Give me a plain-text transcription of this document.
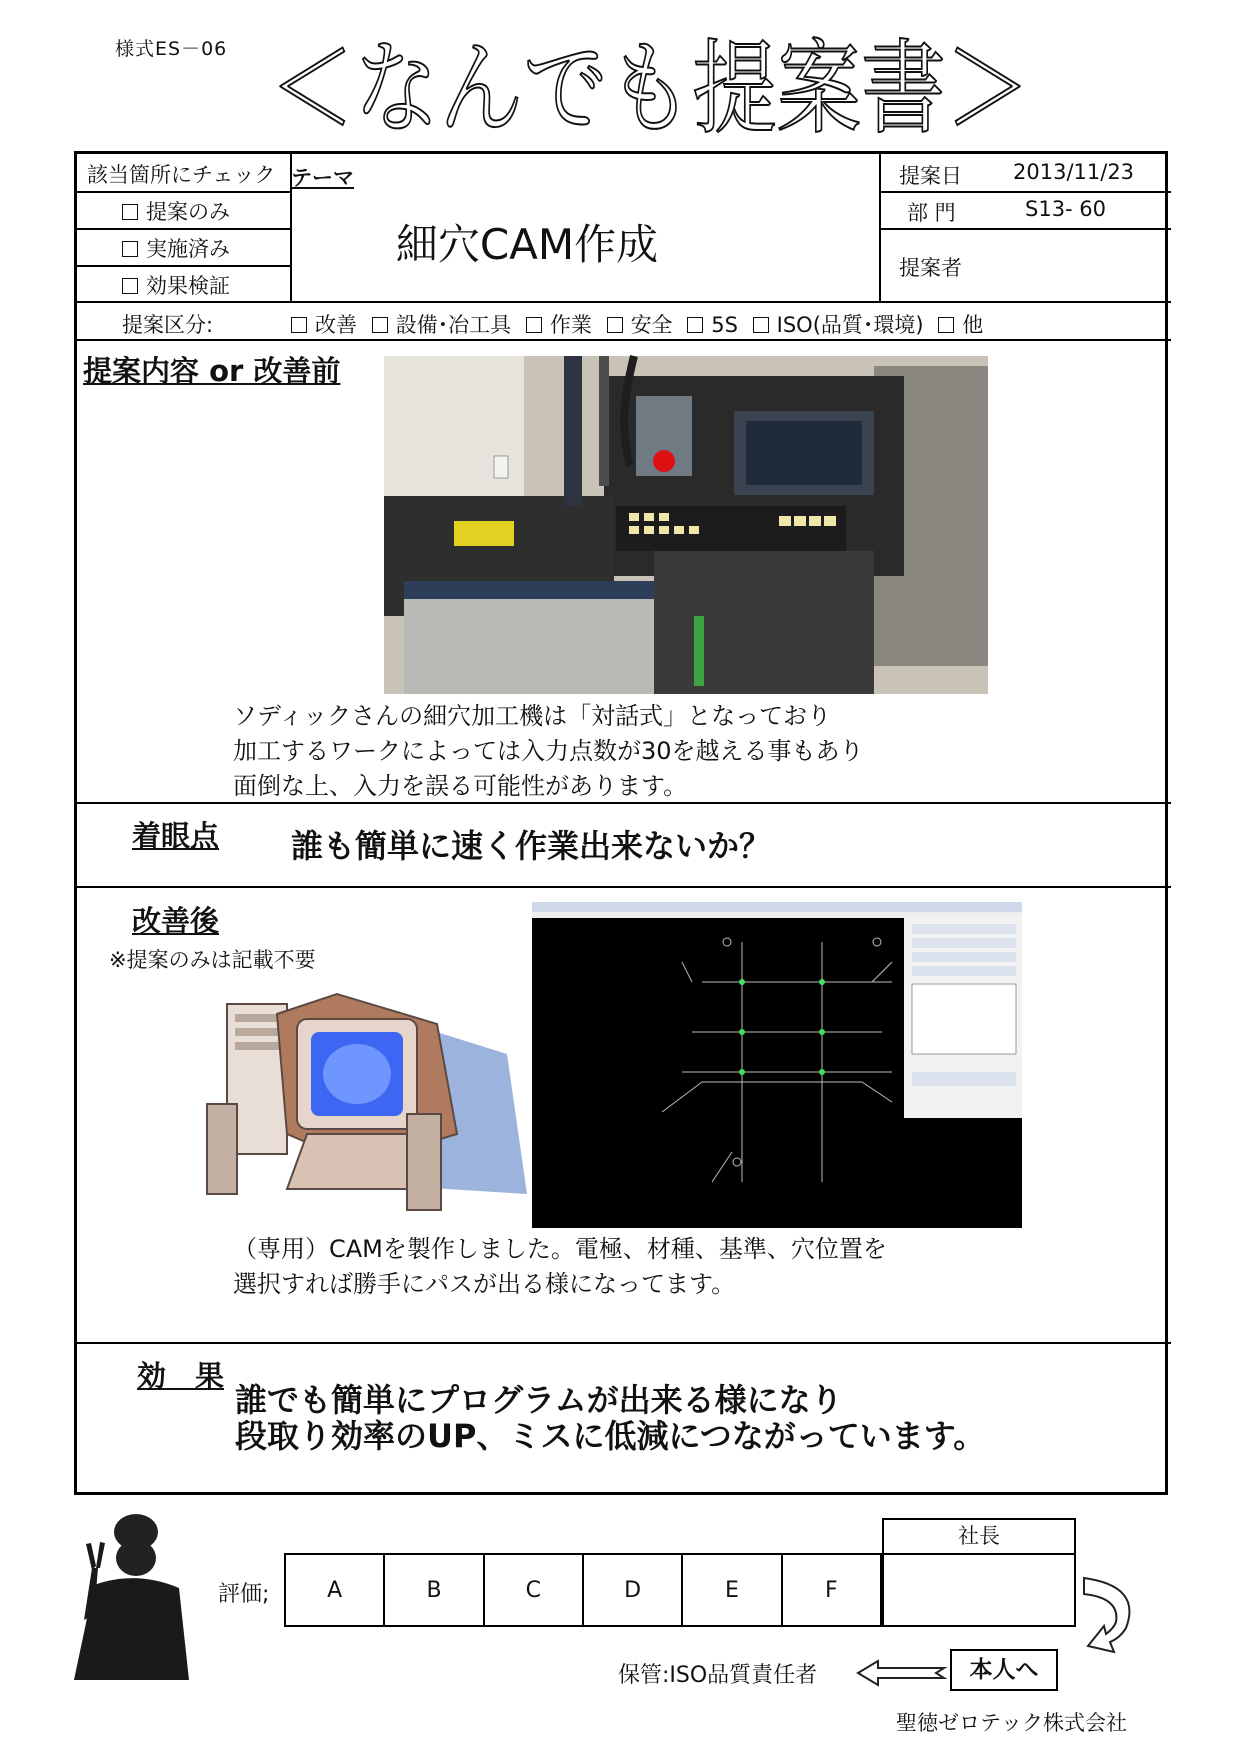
様式ES－06 ＜なんでも提案書＞
該当箇所にチェック
提案のみ
実施済み
効果検証
テーマ
細穴CAM作成
提案日 2013/11/23
部 門	S13- 60
提案者
提案区分:	改善 設備･冶工具 作業 安全 5S ISO(品質･環境) 他
提案内容 or 改善前
ソディックさんの細穴加工機は「対話式」となっており
加工するワークによっては入力点数が30を越える事もあり
面倒な上、入力を誤る可能性があります。
着眼点 誰も簡単に速く作業出来ないか？
改善後
※提案のみは記載不要
（専用）CAMを製作しました。電極、材種、基準、穴位置を
選択すれば勝手にパスが出る様になってます。
効　果
誰でも簡単にプログラムが出来る様になり
段取り効率のUP、ミスに低減につながっています。
評価;	A	B	C	D	E	F
社長
保管:ISO品質責任者	本人へ
聖徳ゼロテック株式会社
